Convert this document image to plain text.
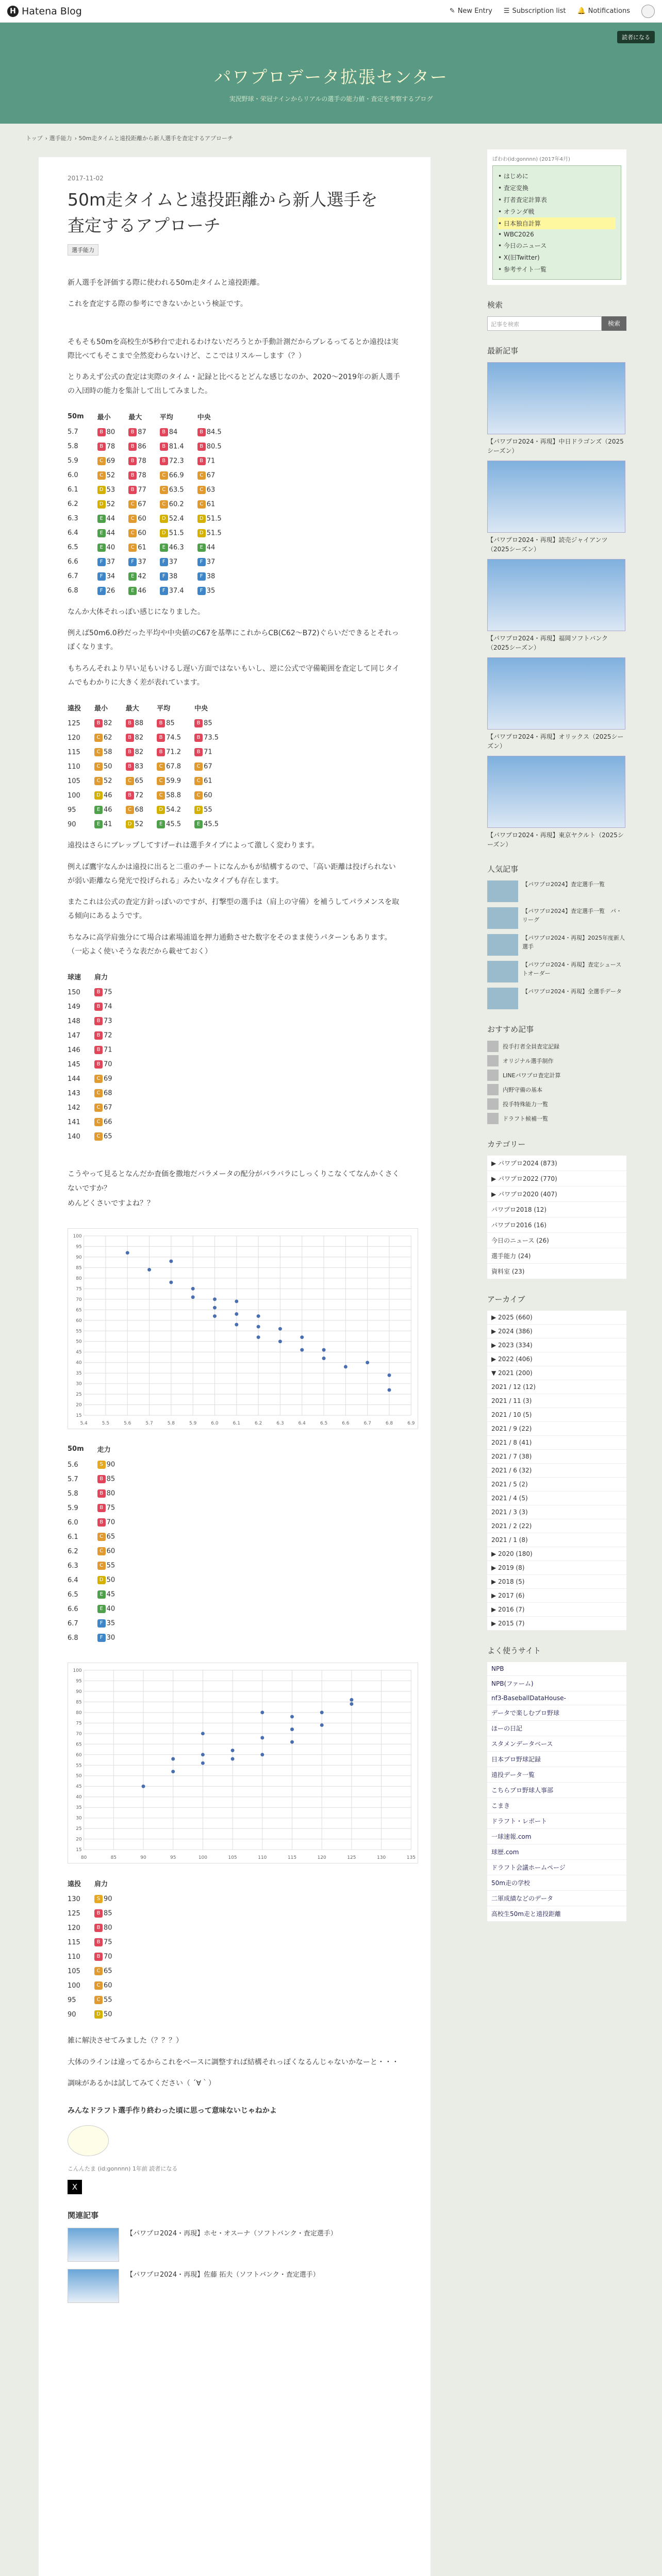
H Hatena Blog	✎ New Entry ☰ Subscription list 🔔 Notifications
読者になる
パワプロデータ拡張センター
実況野球・栄冠ナインからリアルの選手の能力値・査定を考察するブログ
トップ › 選手能力 › 50m走タイムと遠投距離から新人選手を査定するアプローチ
2017-11-02
50m走タイムと遠投距離から新人選手を査定するアプローチ
選手能力

新人選手を評価する際に使われる50m走タイムと遠投距離。

これを査定する際の参考にできないかという検証です。

そもそも50mを高校生が5秒台で走れるわけないだろうとか手動計測だからプレるってるとか遠投は実際比べてもそこまで全然変わらないけど、ここではリスルーします（？）

とりあえず公式の査定は実際のタイム・記録と比べるとどんな感じなのか、2020〜2019年の新人選手の入団時の能力を集計して出してみました。

50m	最小	最大	平均	中央
5.7	B 80	B 87	B 84	B 84.5
5.8	B 78	B 86	B 81.4	B 80.5
5.9	C 69	B 78	B 72.3	B 71
6.0	C 52	B 78	C 66.9	C 67
6.1	D 53	B 77	C 63.5	C 63
6.2	D 52	C 67	C 60.2	C 61
6.3	E 44	C 60	D 52.4	D 51.5
6.4	E 44	C 60	D 51.5	D 51.5
6.5	E 40	C 61	E 46.3	E 44
6.6	F 37	F 37	F 37	F 37
6.7	F 34	E 42	F 38	F 38
6.8	F 26	E 46	F 37.4	F 35

なんか大体それっぽい感じになりました。

例えば50m6.0秒だった平均や中央値のC67を基準にこれからCB(C62〜B72)ぐらいだできるとそれっぽくなります。

もちろんそれより早い足もいけるし遅い方面ではないもいし、逆に公式で守備範囲を査定して同じタイムでもわかりに大きく差が表れています。

遠投	最小	最大	平均	中央
125	B 82	B 88	B 85	B 85
120	C 62	B 82	B 74.5	B 73.5
115	C 58	B 82	B 71.2	B 71
110	C 50	B 83	C 67.8	C 67
105	C 52	C 65	C 59.9	C 61
100	D 46	B 72	C 58.8	C 60
95	E 46	C 68	D 54.2	D 55
90	E 41	D 52	E 45.5	E 45.5

遠投はさらにブレップしてすげーれは選手タイプによって激しく変わります。

例えば鷹宇なんかは遠投に出ると二重のチートになんかもが結構するので、「高い距離は投げられないが弱い距離なら発光で投げられる」みたいなタイプも存在します。

またこれは公式の査定方針っぽいのですが、打撃型の選手は（肩上の守備）を補うしてパラメンスを取る傾向にあるようです。

ちなみに高学肩強分にて場合は素場浦道を押力通動させた数字をそのまま使うパターンもあります。（一応よく使いそうな表だから載せておく）

球速	肩力
150	B 75
149	B 74
148	B 73
147	B 72
146	B 71
145	B 70
144	C 69
143	C 68
142	C 67
141	C 66
140	C 65

こうやって見るとなんだか査価を撒地だバラメータの配分がバラバラにしっくりこなくてなんかくさくないですか？

めんどくさいですよね？？

5.4	5.5	5.6	5.7	5.8	5.9	6.0	6.1	6.2	6.3	6.4	6.5	6.6	6.7	6.8	6.9
15
20
25
30
35
40
45
50
55
60
65
70
75
80
85
90
95
100
50m	走力
5.6	S 90
5.7	B 85
5.8	B 80
5.9	B 75
6.0	B 70
6.1	C 65
6.2	C 60
6.3	C 55
6.4	D 50
6.5	E 45
6.6	E 40
6.7	F 35
6.8	F 30
80	85	90	95	100	105	110	115	120	125	130	135
15
20
25
30
35
40
45
50
55
60
65
70
75
80
85
90
95
100
遠投	肩力
130	S 90
125	B 85
120	B 80
115	B 75
110	B 70
105	C 65
100	C 60
95	C 55
90	D 50

雑に解決させてみました（？？？）

大体のラインは違ってるからこれをベースに調整すれば結構それっぽくなるんじゃないかなーと・・・

調味があるかは試してみてください（ ´∀｀）

みんなドラフト選手作り終わった頃に思って意味ないじゃねかよ

こんんたま (id:gonnnn) 1年前 読者になる

X
関連記事
【パワプロ2024・再現】ホセ・オスーナ（ソフトバンク・査定選手）
【パワプロ2024・再現】佐藤 拓夫（ソフトバンク・査定選手）
ぱわわ(id:gonnnn) (2017年4月)
• はじめに
• 査定変換
• 打者査定計算表
• オランダ戦
• 日本独自計算
• WBC2026
• 今日のニュース
• X(旧Twitter)
• 参考サイト一覧
検索
記事を検索	検索
最新記事
【パワプロ2024・再現】中日ドラゴンズ（2025シーズン）
【パワプロ2024・再現】読売ジャイアンツ（2025シーズン）
【パワプロ2024・再現】福岡ソフトバンク（2025シーズン）
【パワプロ2024・再現】オリックス（2025シーズン）
【パワプロ2024・再現】東京ヤクルト（2025シーズン）
人気記事
【パワプロ2024】査定選手一覧
【パワプロ2024】査定選手一覧　パ・リーグ
【パワプロ2024・再現】2025年度新人選手
【パワプロ2024・再現】査定シューストオーダー
【パワプロ2024・再現】全選手データ
おすすめ記事
投手打者全員査定記録
オリジナル選手制作
LINEパワプロ査定計算
内野守備の基本
投手特殊能力一覧
ドラフト候補一覧
カテゴリー
▶ パワプロ2024 (873)
▶ パワプロ2022 (770)
▶ パワプロ2020 (407)
パワプロ2018 (12)
パワプロ2016 (16)
今日のニュース (26)
選手能力 (24)
資料室 (23)
アーカイブ
▶ 2025 (660)
▶ 2024 (386)
▶ 2023 (334)
▶ 2022 (406)
▼ 2021 (200)
2021 / 12 (12)
2021 / 11 (3)
2021 / 10 (5)
2021 / 9 (22)
2021 / 8 (41)
2021 / 7 (38)
2021 / 6 (32)
2021 / 5 (2)
2021 / 4 (5)
2021 / 3 (3)
2021 / 2 (22)
2021 / 1 (8)
▶ 2020 (180)
▶ 2019 (8)
▶ 2018 (5)
▶ 2017 (6)
▶ 2016 (7)
▶ 2015 (7)
よく使うサイト
NPB
NPB(ファーム)
nf3-BaseballDataHouse-
データで楽しむプロ野球
ほーの日記
スタメンデータベース
日本プロ野球記録
遠投データ一覧
こちらプロ野球人事部
こまき
ドラフト・レポート
一球速報.com
球歴.com
ドラフト会議ホームページ
50m走の学校
二軍成績などのデータ
高校生50m走と遠投距離
